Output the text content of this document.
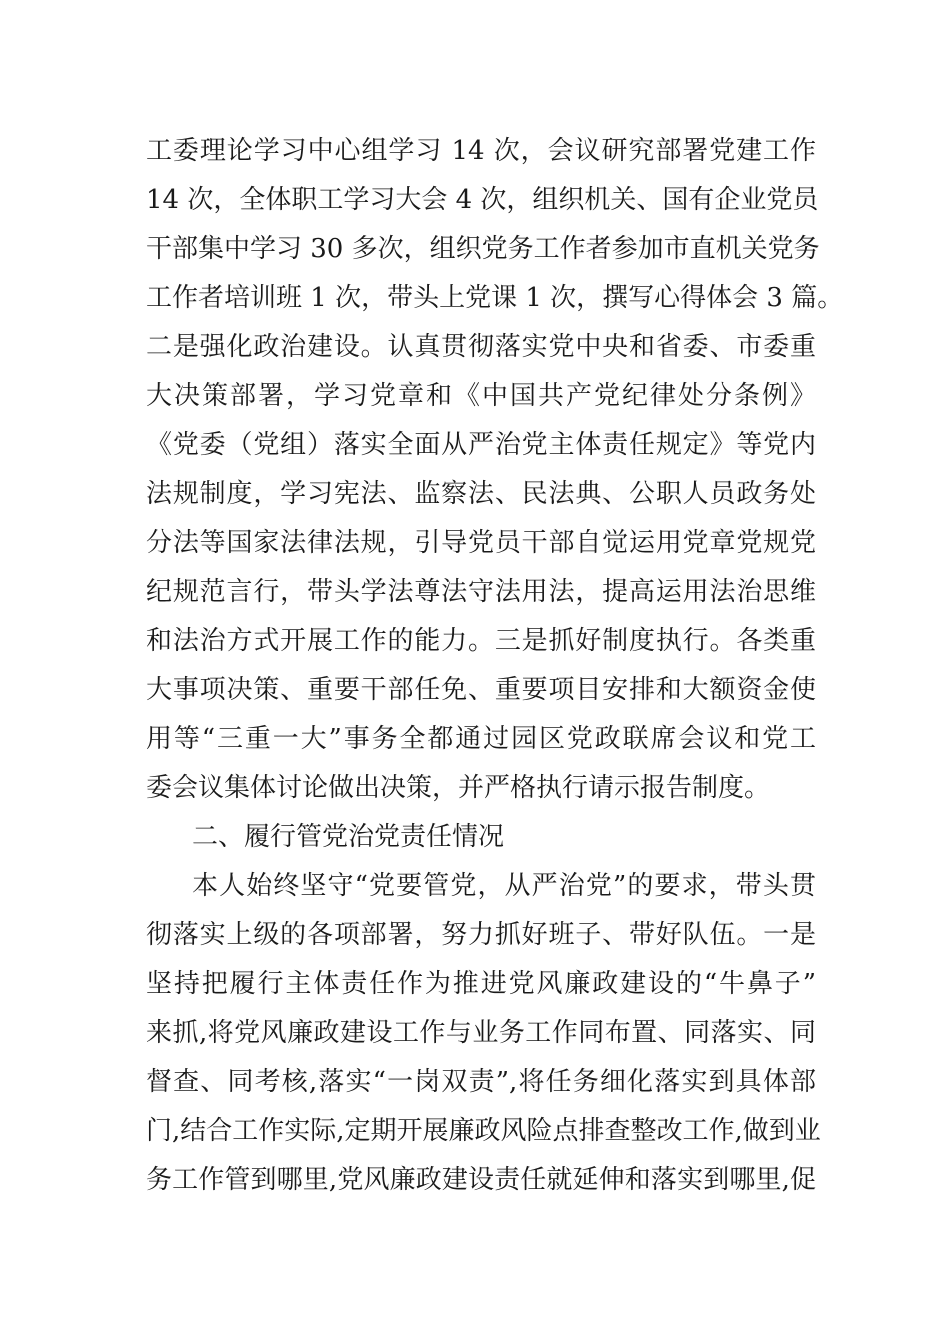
工委理论学习中心组学习 14 次，会议研究部署党建工作
14 次，全体职工学习大会 4 次，组织机关、国有企业党员
干部集中学习 30 多次，组织党务工作者参加市直机关党务
工作者培训班 1 次，带头上党课 1 次，撰写心得体会 3 篇。
二是强化政治建设。认真贯彻落实党中央和省委、市委重
大决策部署，学习党章和《中国共产党纪律处分条例》
《党委（党组）落实全面从严治党主体责任规定》等党内
法规制度，学习宪法、监察法、民法典、公职人员政务处
分法等国家法律法规，引导党员干部自觉运用党章党规党
纪规范言行，带头学法尊法守法用法，提高运用法治思维
和法治方式开展工作的能力。三是抓好制度执行。各类重
大事项决策、重要干部任免、重要项目安排和大额资金使
用等“三重一大”事务全都通过园区党政联席会议和党工
委会议集体讨论做出决策，并严格执行请示报告制度。
二、履行管党治党责任情况
本人始终坚守“党要管党，从严治党”的要求，带头贯
彻落实上级的各项部署，努力抓好班子、带好队伍。一是
坚持把履行主体责任作为推进党风廉政建设的“牛鼻子”
来抓,将党风廉政建设工作与业务工作同布置、同落实、同
督查、同考核,落实“一岗双责”,将任务细化落实到具体部
门,结合工作实际,定期开展廉政风险点排查整改工作,做到业
务工作管到哪里,党风廉政建设责任就延伸和落实到哪里,促
